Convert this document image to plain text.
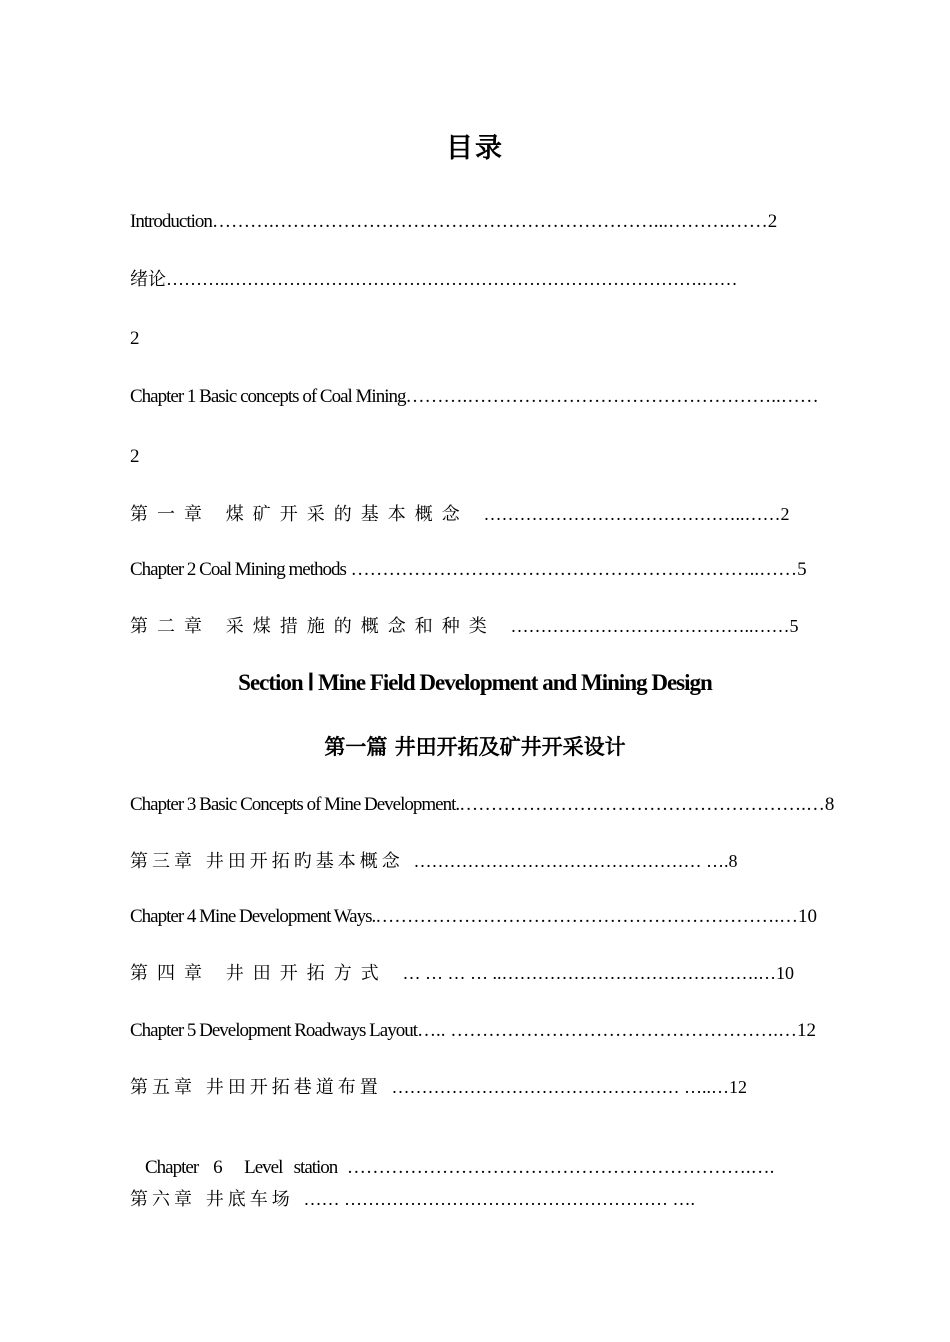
目录
Introduction……….……………………………………………………...……….……2
绪论………..…………………………………………………………………….……
2
Chapter 1 Basic concepts of Coal Mining……….…………………………………………..……
2
第一章 煤矿开采的基本概念 ……………………………………..……2
Chapter 2 Coal Mining methods ………………………………………………………..……5
第二章 采煤措施的概念和种类 …………………………………..……5
Section Ⅰ Mine Field Development and Mining Design
第一篇 井田开拓及矿井开采设计
Chapter 3 Basic Concepts of Mine Development.……………………………………………….…8
第三章 井田开拓旳基本概念 ………………………………………… ….8
Chapter 4 Mine Development Ways.……………………………………………………….…10
第四章 井田开拓方式 … … … … ..…………………………………….…10
Chapter 5 Development Roadways Layout….. …………………………………………….…12
第五章 井田开拓巷道布置 ………………………………………… …..…12

Chapter    6      Level   station  ……………………………………………………….….

第六章 井底车场 …… ……………………………………………… ….
